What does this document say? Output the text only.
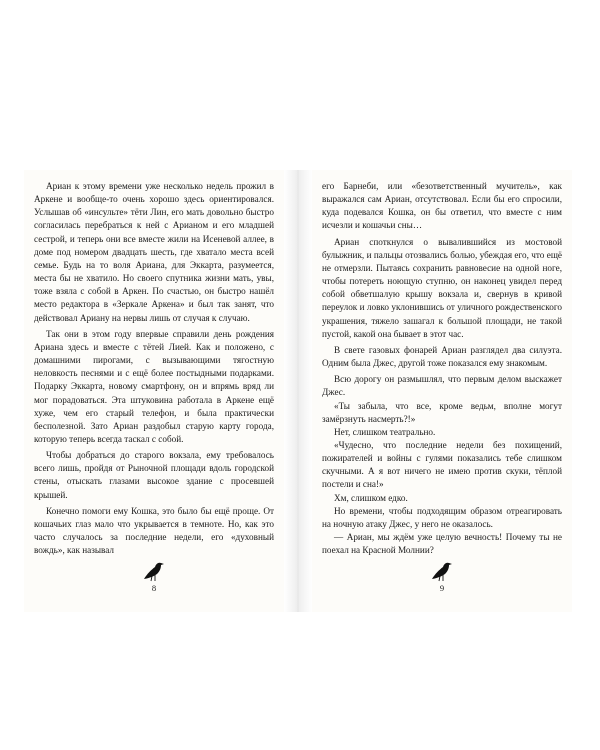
Ариан к этому времени уже несколько недель прожил в Аркене и вообще-то очень хорошо здесь ориентировался. Услышав об «инсульте» тёти Лин, его мать довольно быстро согласилась перебраться к ней с Арианом и его младшей сестрой, и теперь они все вместе жили на Исеневой аллее, в доме под номером двадцать шесть, где хватало места всей семье. Будь на то воля Ариана, для Эккарта, разумеется, места бы не хватило. Но своего спутника жизни мать, увы, тоже взяла с собой в Аркен. По счастью, он быстро нашёл место редактора в «Зеркале Аркена» и был так занят, что действовал Ариану на нервы лишь от случая к случаю.

Так они в этом году впервые справили день рождения Ариана здесь и вместе с тётей Лией. Как и положено, с домашними пирогами, с вызывающими тягостную неловкость песнями и с ещё более постыдными подарками. Подарку Эккарта, новому смартфону, он и впрямь вряд ли мог порадоваться. Эта штуковина работала в Аркене ещё хуже, чем его старый телефон, и была практически бесполезной. Зато Ариан раздобыл старую карту города, которую теперь всегда таскал с собой.

Чтобы добраться до старого вокзала, ему требовалось всего лишь, пройдя от Рыночной площади вдоль городской стены, отыскать глазами высокое здание с просевшей крышей.

Конечно помоги ему Кошка, это было бы ещё проще. От кошачьих глаз мало что укрывается в темноте. Но, как это часто случалось за последние недели, его «духовный вождь», как называл

8

его Барнеби, или «безответственный мучитель», как выражался сам Ариан, отсутствовал. Если бы его спросили, куда подевался Кошка, он бы ответил, что вместе с ним исчезли и кошачьи сны…

Ариан споткнулся о вывалившийся из мостовой булыжник, и пальцы отозвались болью, убеждая его, что ещё не отмерзли. Пытаясь сохранить равновесие на одной ноге, чтобы потереть ноющую ступню, он наконец увидел перед собой обветшалую крышу вокзала и, свернув в кривой переулок и ловко уклонившись от уличного рождественского украшения, тяжело зашагал к большой площади, не такой пустой, какой она бывает в этот час.

В свете газовых фонарей Ариан разглядел два силуэта. Одним была Джес, другой тоже показался ему знакомым.

Всю дорогу он размышлял, что первым делом выскажет Джес.

«Ты забыла, что все, кроме ведьм, вполне могут замёрзнуть насмерть?!»

Нет, слишком театрально.

«Чудесно, что последние недели без похищений, пожирателей и войны с гулями показались тебе слишком скучными. А я вот ничего не имею против скуки, тёплой постели и сна!»

Хм, слишком едко.

Но времени, чтобы подходящим образом отреагировать на ночную атаку Джес, у него не оказалось.

— Ариан, мы ждём уже целую вечность! Почему ты не поехал на Красной Молнии?

9
